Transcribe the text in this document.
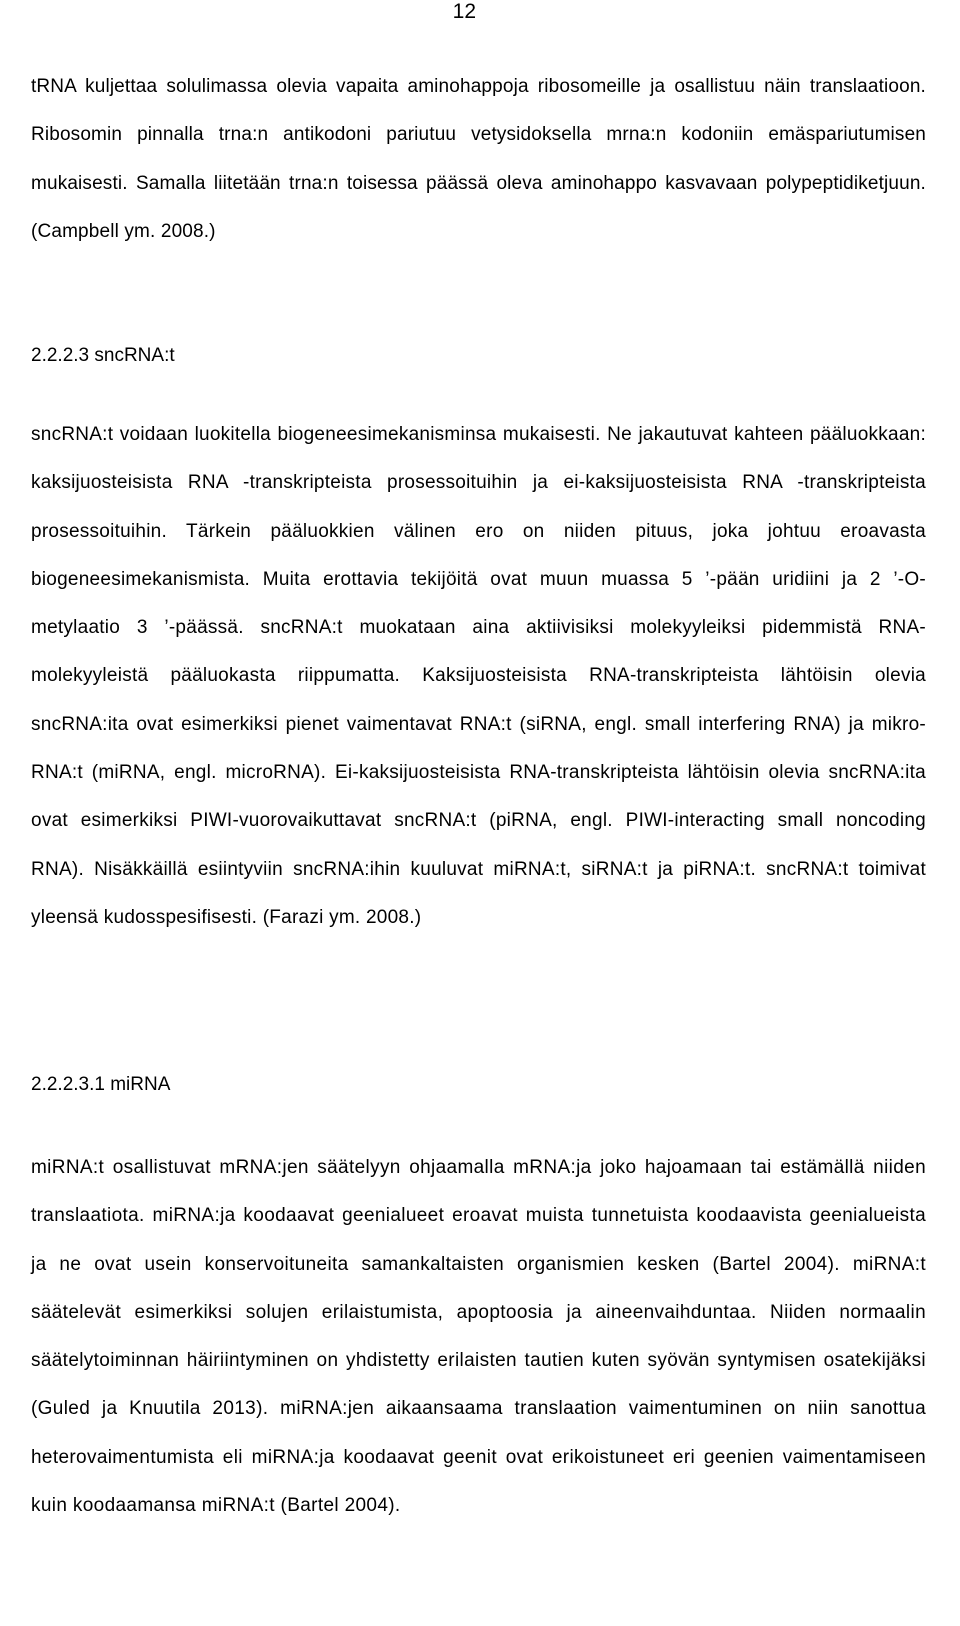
12

tRNA kuljettaa solulimassa olevia vapaita aminohappoja ribosomeille ja osallistuu näin translaatioon. Ribosomin pinnalla trna:n antikodoni pariutuu vetysidoksella mrna:n kodoniin emäspariutumisen mukaisesti. Samalla liitetään trna:n toisessa päässä oleva aminohappo kasvavaan polypeptidiketjuun. (Campbell ym. 2008.)

2.2.2.3 sncRNA:t

sncRNA:t voidaan luokitella biogeneesimekanisminsa mukaisesti. Ne jakautuvat kahteen pääluokkaan: kaksijuosteisista RNA -transkripteista prosessoituihin ja ei-kaksijuosteisista RNA -transkripteista prosessoituihin. Tärkein pääluokkien välinen ero on niiden pituus, joka johtuu eroavasta biogeneesimekanismista. Muita erottavia tekijöitä ovat muun muassa 5 ’-pään uridiini ja 2 ’-O-metylaatio 3 ’-päässä. sncRNA:t muokataan aina aktiivisiksi molekyyleiksi pidemmistä RNA-molekyyleistä pääluokasta riippumatta. Kaksijuosteisista RNA-transkripteista lähtöisin olevia sncRNA:ita ovat esimerkiksi pienet vaimentavat RNA:t (siRNA, engl. small interfering RNA) ja mikro-RNA:t (miRNA, engl. microRNA). Ei-kaksijuosteisista RNA-transkripteista lähtöisin olevia sncRNA:ita ovat esimerkiksi PIWI-vuorovaikuttavat sncRNA:t (piRNA, engl. PIWI-interacting small noncoding RNA). Nisäkkäillä esiintyviin sncRNA:ihin kuuluvat miRNA:t, siRNA:t ja piRNA:t. sncRNA:t toimivat yleensä kudosspesifisesti. (Farazi ym. 2008.)

2.2.2.3.1 miRNA

miRNA:t osallistuvat mRNA:jen säätelyyn ohjaamalla mRNA:ja joko hajoamaan tai estämällä niiden translaatiota. miRNA:ja koodaavat geenialueet eroavat muista tunnetuista koodaavista geenialueista ja ne ovat usein konservoituneita samankaltaisten organismien kesken (Bartel 2004). miRNA:t säätelevät esimerkiksi solujen erilaistumista, apoptoosia ja aineenvaihduntaa. Niiden normaalin säätelytoiminnan häiriintyminen on yhdistetty erilaisten tautien kuten syövän syntymisen osatekijäksi (Guled ja Knuutila 2013). miRNA:jen aikaansaama translaation vaimentuminen on niin sanottua heterovaimentumista eli miRNA:ja koodaavat geenit ovat erikoistuneet eri geenien vaimentamiseen kuin koodaamansa miRNA:t (Bartel 2004).
